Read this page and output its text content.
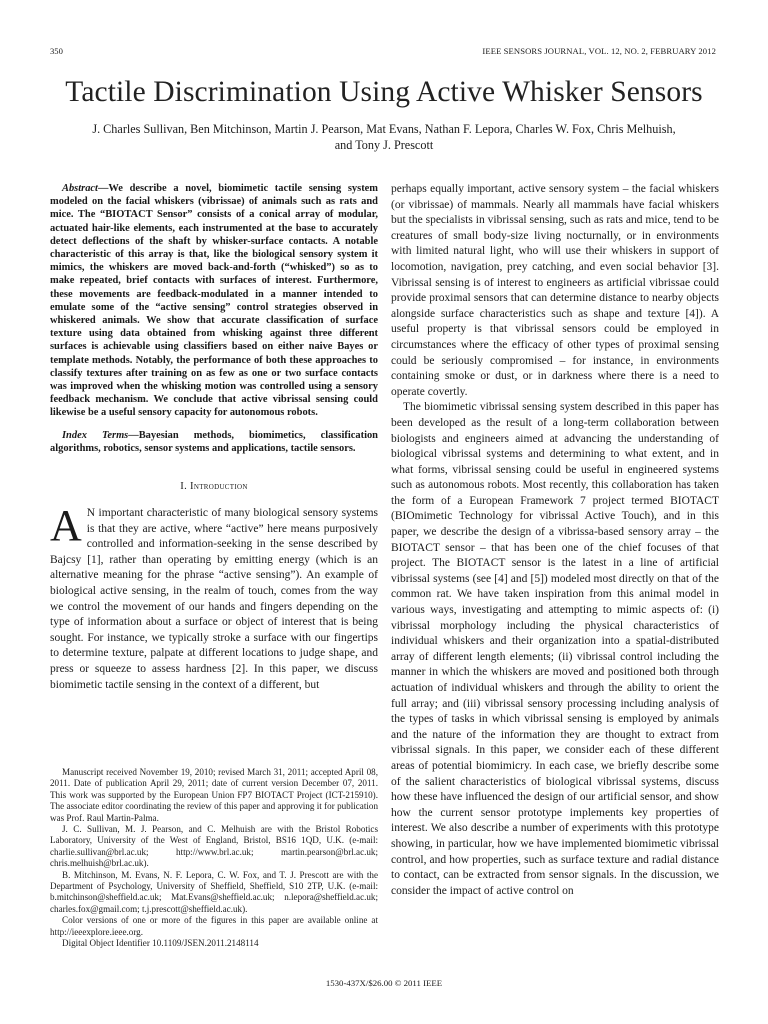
350	IEEE SENSORS JOURNAL, VOL. 12, NO. 2, FEBRUARY 2012
Tactile Discrimination Using Active Whisker Sensors
J. Charles Sullivan, Ben Mitchinson, Martin J. Pearson, Mat Evans, Nathan F. Lepora, Charles W. Fox, Chris Melhuish, and Tony J. Prescott

Abstract—We describe a novel, biomimetic tactile sensing system modeled on the facial whiskers (vibrissae) of animals such as rats and mice. The “BIOTACT Sensor” consists of a conical array of modular, actuated hair-like elements, each instrumented at the base to accurately detect deflections of the shaft by whisker-surface contacts. A notable characteristic of this array is that, like the biological sensory system it mimics, the whiskers are moved back-and-forth (“whisked”) so as to make repeated, brief contacts with surfaces of interest. Furthermore, these movements are feedback-modulated in a manner intended to emulate some of the “active sensing” control strategies observed in whiskered animals. We show that accurate classification of surface texture using data obtained from whisking against three different surfaces is achievable using classifiers based on either naive Bayes or template methods. Notably, the performance of both these approaches to classify textures after training on as few as one or two surface contacts was improved when the whisking motion was controlled using a sensory feedback mechanism. We conclude that active vibrissal sensing could likewise be a useful sensory capacity for autonomous robots.

Index Terms—Bayesian methods, biomimetics, classification algorithms, robotics, sensor systems and applications, tactile sensors.

I. Introduction

A N important characteristic of many biological sensory systems is that they are active, where “active” here means purposively controlled and information-seeking in the sense described by Bajcsy [1], rather than operating by emitting energy (which is an alternative meaning for the phrase “active sensing”). An example of biological active sensing, in the realm of touch, comes from the way we control the movement of our hands and fingers depending on the type of information about a surface or object of interest that is being sought. For instance, we typically stroke a surface with our fingertips to determine texture, palpate at different locations to judge shape, and press or squeeze to assess hardness [2]. In this paper, we discuss biomimetic tactile sensing in the context of a different, but

Manuscript received November 19, 2010; revised March 31, 2011; accepted April 08, 2011. Date of publication April 29, 2011; date of current version December 07, 2011. This work was supported by the European Union FP7 BIOTACT Project (ICT-215910). The associate editor coordinating the review of this paper and approving it for publication was Prof. Raul Martin-Palma.

J. C. Sullivan, M. J. Pearson, and C. Melhuish are with the Bristol Robotics Laboratory, University of the West of England, Bristol, BS16 1QD, U.K. (e-mail: charlie.sullivan@brl.ac.uk; http://www.brl.ac.uk; martin.pearson@brl.ac.uk; chris.melhuish@brl.ac.uk).

B. Mitchinson, M. Evans, N. F. Lepora, C. W. Fox, and T. J. Prescott are with the Department of Psychology, University of Sheffield, Sheffield, S10 2TP, U.K. (e-mail: b.mitchinson@sheffield.ac.uk; Mat.Evans@sheffield.ac.uk; n.lepora@sheffield.ac.uk; charles.fox@gmail.com; t.j.prescott@sheffield.ac.uk).

Color versions of one or more of the figures in this paper are available online at http://ieeexplore.ieee.org.

Digital Object Identifier 10.1109/JSEN.2011.2148114

perhaps equally important, active sensory system – the facial whiskers (or vibrissae) of mammals. Nearly all mammals have facial whiskers but the specialists in vibrissal sensing, such as rats and mice, tend to be creatures of small body-size living nocturnally, or in environments with limited natural light, who will use their whiskers in support of locomotion, navigation, prey catching, and even social behavior [3]. Vibrissal sensing is of interest to engineers as artificial vibrissae could provide proximal sensors that can determine distance to nearby objects alongside surface characteristics such as shape and texture [4]). A useful property is that vibrissal sensors could be employed in circumstances where the efficacy of other types of proximal sensing could be seriously compromised – for instance, in environments containing smoke or dust, or in darkness where there is a need to operate covertly.

The biomimetic vibrissal sensing system described in this paper has been developed as the result of a long-term collaboration between biologists and engineers aimed at advancing the understanding of biological vibrissal systems and determining to what extent, and in what forms, vibrissal sensing could be useful in engineered systems such as autonomous robots. Most recently, this collaboration has taken the form of a European Framework 7 project termed BIOTACT (BIOmimetic Technology for vibrissal Active Touch), and in this paper, we describe the design of a vibrissa-based sensory array – the BIOTACT sensor – that has been one of the chief focuses of that project. The BIOTACT sensor is the latest in a line of artificial vibrissal systems (see [4] and [5]) modeled most directly on that of the common rat. We have taken inspiration from this animal model in various ways, investigating and attempting to mimic aspects of: (i) vibrissal morphology including the physical characteristics of individual whiskers and their organization into a spatial-distributed array of different length elements; (ii) vibrissal control including the manner in which the whiskers are moved and positioned both through actuation of individual whiskers and through the ability to orient the full array; and (iii) vibrissal sensory processing including analysis of the types of tasks in which vibrissal sensing is employed by animals and the nature of the information they are thought to extract from vibrissal signals. In this paper, we consider each of these different areas of potential biomimicry. In each case, we briefly describe some of the salient characteristics of biological vibrissal systems, discuss how these have influenced the design of our artificial sensor, and show how the current sensor prototype implements key properties of interest. We also describe a number of experiments with this prototype showing, in particular, how we have implemented biomimetic vibrissal control, and how properties, such as surface texture and radial distance to contact, can be extracted from sensor signals. In the discussion, we consider the impact of active control on

1530-437X/$26.00 © 2011 IEEE
